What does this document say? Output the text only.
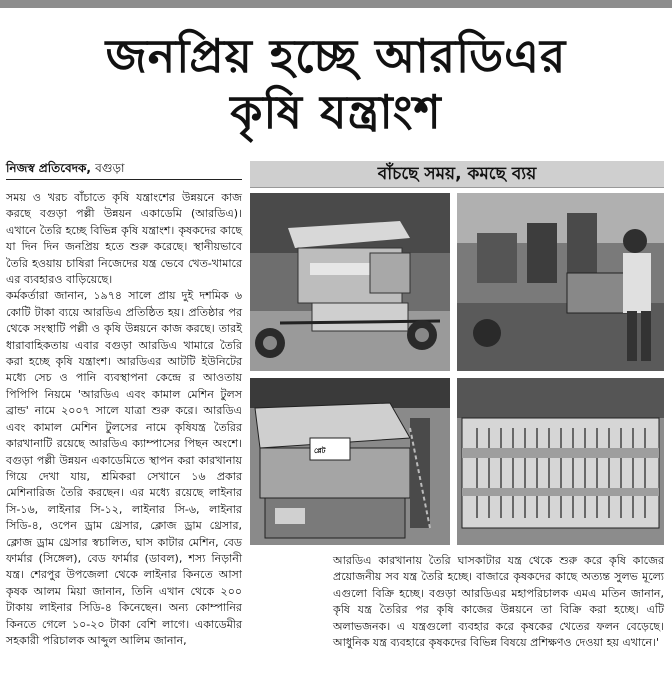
জনপ্রিয় হচ্ছে আরডিএর
কৃষি যন্ত্রাংশ
নিজস্ব প্রতিবেদক, বগুড়া	বাঁচছে সময়, কমছে ব্যয়

সময় ও খরচ বাঁচাতে কৃষি যন্ত্রাংশের উন্নয়নে কাজ করছে বগুড়া পল্লী উন্নয়ন একাডেমি (আরডিএ)। এখানে তৈরি হচ্ছে বিভিন্ন কৃষি যন্ত্রাংশ। কৃষকদের কাছে যা দিন দিন জনপ্রিয় হতে শুরু করেছে। স্থানীয়ভাবে তৈরি হওয়ায় চাষিরা নিজেদের যন্ত্র ভেবে খেত-খামারে এর ব্যবহারও বাড়িয়েছে।

কর্মকর্তারা জানান, ১৯৭৪ সালে প্রায় দুই দশমিক ৬ কোটি টাকা ব্যয়ে আরডিএ প্রতিষ্ঠিত হয়। প্রতিষ্ঠার পর থেকে সংস্থাটি পল্লী ও কৃষি উন্নয়নে কাজ করছে। তারই ধারাবাহিকতায় এবার বগুড়া আরডিএ খামারে তৈরি করা হচ্ছে কৃষি যন্ত্রাংশ। আরডিএর আটটি ইউনিটের মধ্যে সেচ ও পানি ব্যবস্থাপনা কেন্দ্রে র আওতায় পিপিপি নিয়মে 'আরডিএ এবং কামাল মেশিন টুলস ব্রান্ড' নামে ২০০৭ সালে যাত্রা শুরু করে। আরডিএ এবং কামাল মেশিন টুলসের নামে কৃষিযন্ত্র তৈরির কারখানাটি রয়েছে আরডিএ ক্যাম্পাসের পিছন অংশে। বগুড়া পল্লী উন্নয়ন একাডেমিতে স্থাপন করা কারখানায় গিয়ে দেখা যায়, শ্রমিকরা সেখানে ১৬ প্রকার মেশিনারিজ তৈরি করছেন। এর মধ্যে রয়েছে লাইনার সি-১৬, লাইনার সি-১২, লাইনার সি-৬, লাইনার সিডি-৪, ওপেন ড্রাম থ্রেসার, ক্লোজ ড্রাম থ্রেসার, ক্লোজ ড্রাম থ্রেসার স্বচালিত, ঘাস কাটার মেশিন, বেড ফার্মার (সিঙ্গেল), বেড ফার্মার (ডাবল), শস্য নিড়ানী যন্ত্র। শেরপুর উপজেলা থেকে লাইনার কিনতে আসা কৃষক আলম মিয়া জানান, তিনি এখান থেকে ২০০ টাকায় লাইনার সিডি-৪ কিনেছেন। অন্য কোম্পানির কিনতে গেলে ১০-২০ টাকা বেশি লাগে। একাডেমীর সহকারী পরিচালক আব্দুল আলিম জানান,

আরডিএ কারখানায় তৈরি ঘাসকাটার যন্ত্র থেকে শুরু করে কৃষি কাজের প্রয়োজনীয় সব যন্ত্র তৈরি হচ্ছে। বাজারে কৃষকদের কাছে অত্যন্ত সুলভ মূল্যে এগুলো বিক্রি হচ্ছে। বগুড়া আরডিএর মহাপরিচালক এমএ মতিন জানান, কৃষি যন্ত্র তৈরির পর কৃষি কাজের উন্নয়নে তা বিক্রি করা হচ্ছে। এটি অলাভজনক। এ যন্ত্রগুলো ব্যবহার করে কৃষকের খেতের ফলন বেড়েছে। আধুনিক যন্ত্র ব্যবহারে কৃষকদের বিভিন্ন বিষয়ে প্রশিক্ষণও দেওয়া হয় এখানে।'

প্লেট
